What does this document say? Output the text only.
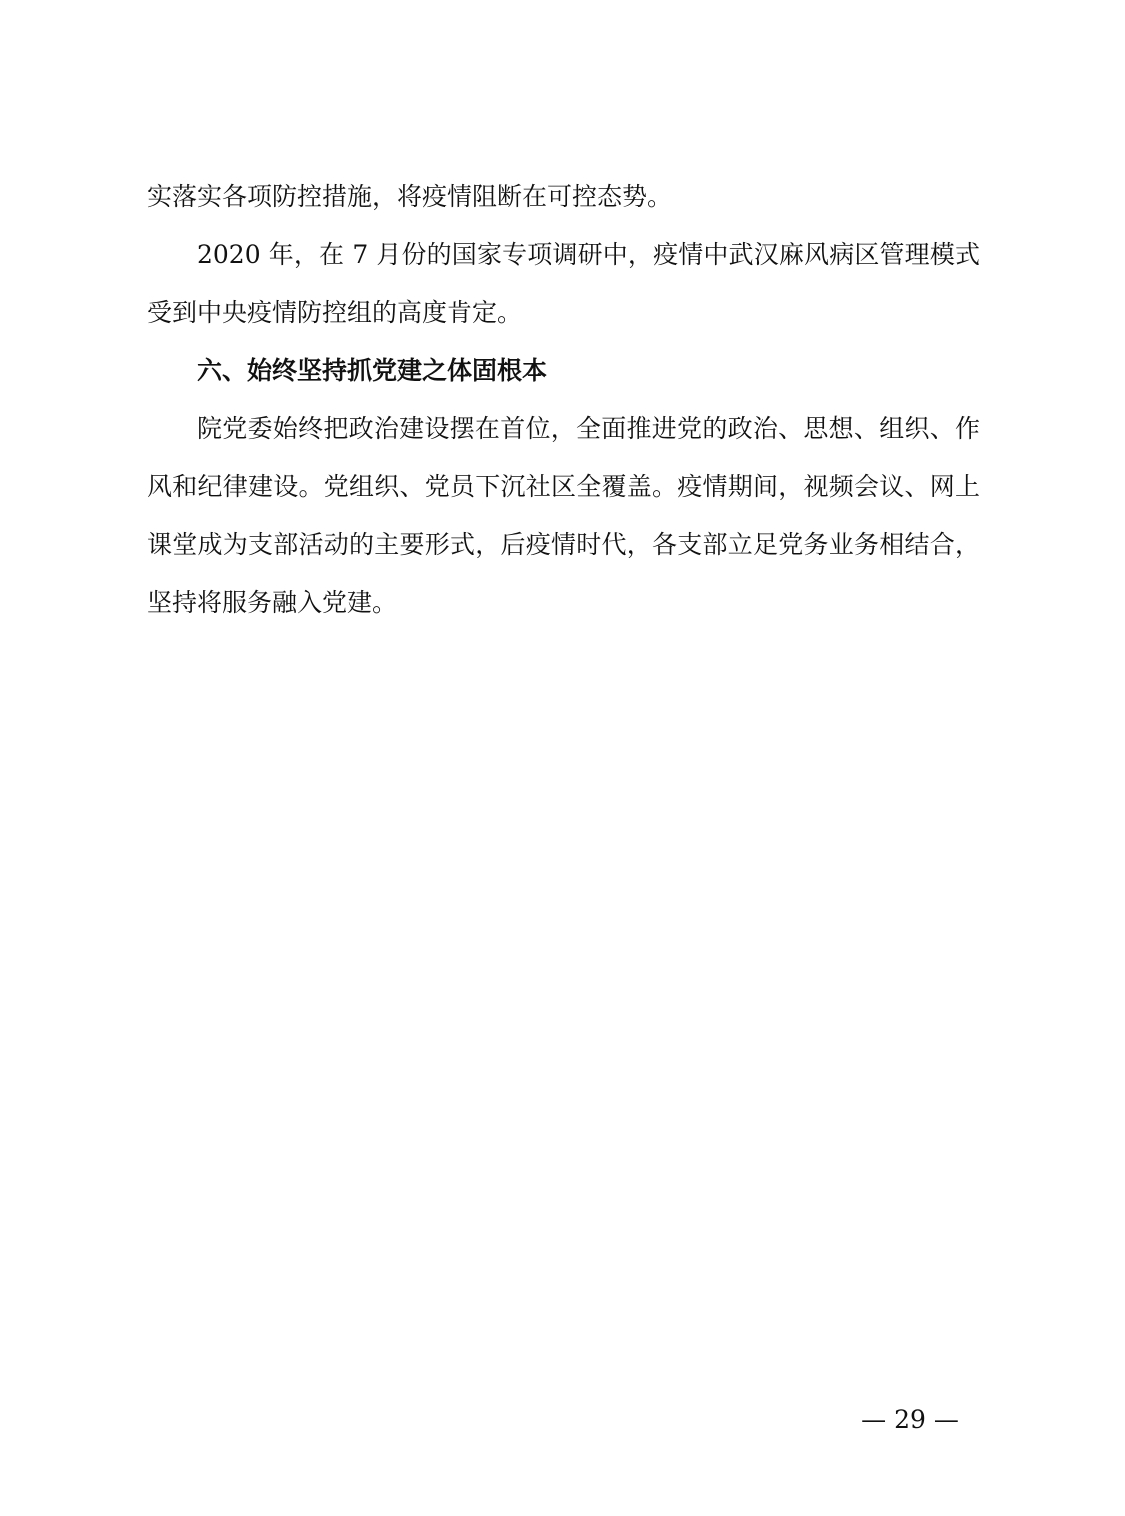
实落实各项防控措施，将疫情阻断在可控态势。
2020 年，在 7 月份的国家专项调研中，疫情中武汉麻风病区管理模式
受到中央疫情防控组的高度肯定。
六、始终坚持抓党建之体固根本
院党委始终把政治建设摆在首位，全面推进党的政治、思想、组织、作
风和纪律建设。党组织、党员下沉社区全覆盖。疫情期间，视频会议、网上
课堂成为支部活动的主要形式，后疫情时代，各支部立足党务业务相结合，
坚持将服务融入党建。
— 29 —
